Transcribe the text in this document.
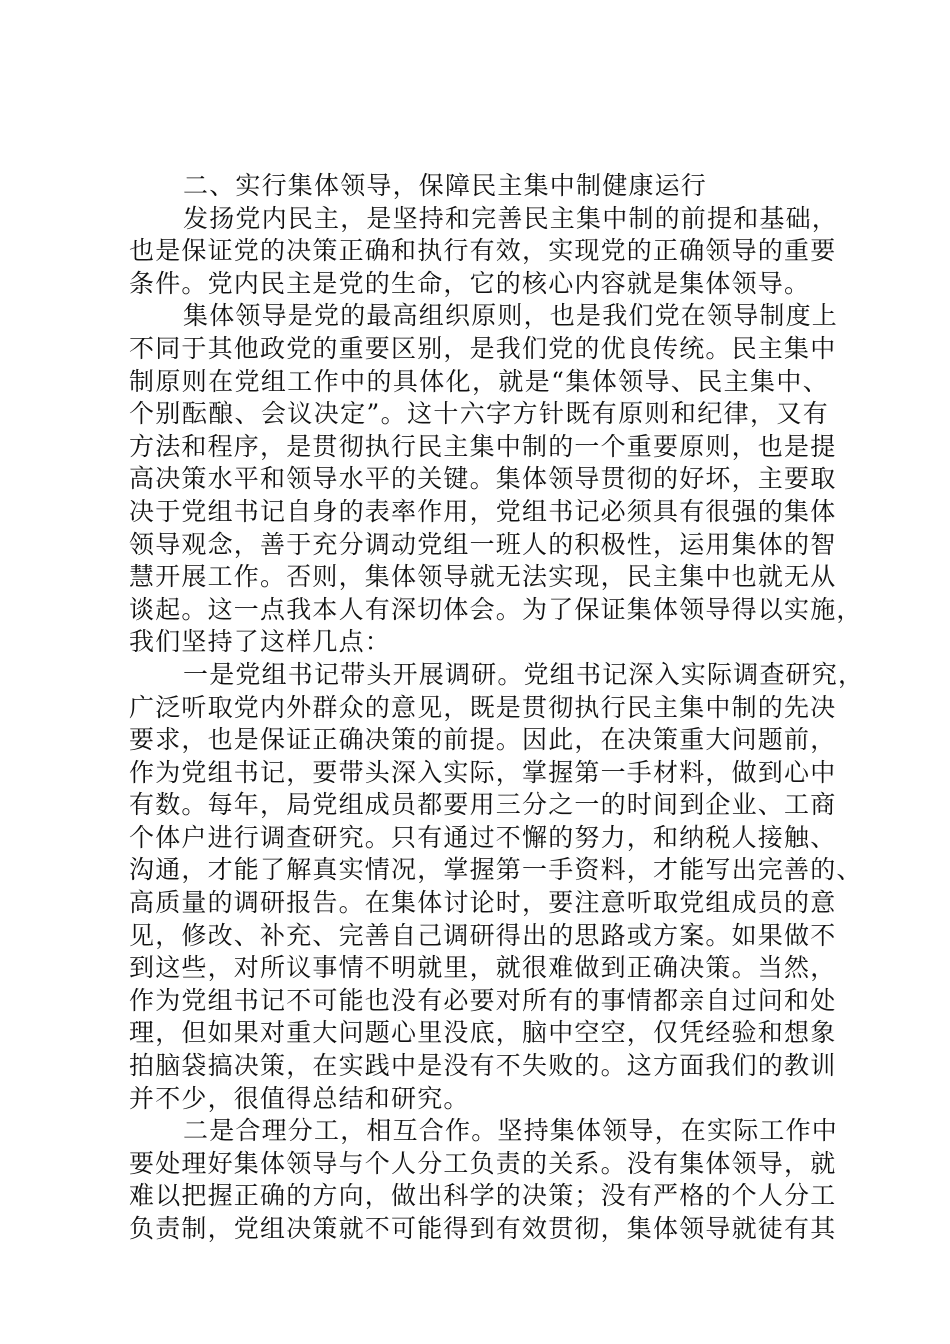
二、实行集体领导，保障民主集中制健康运行
发扬党内民主，是坚持和完善民主集中制的前提和基础，
也是保证党的决策正确和执行有效，实现党的正确领导的重要
条件。党内民主是党的生命，它的核心内容就是集体领导。
集体领导是党的最高组织原则，也是我们党在领导制度上
不同于其他政党的重要区别，是我们党的优良传统。民主集中
制原则在党组工作中的具体化，就是“集体领导、民主集中、
个别酝酿、会议决定”。这十六字方针既有原则和纪律，又有
方法和程序，是贯彻执行民主集中制的一个重要原则，也是提
高决策水平和领导水平的关键。集体领导贯彻的好坏，主要取
决于党组书记自身的表率作用，党组书记必须具有很强的集体
领导观念，善于充分调动党组一班人的积极性，运用集体的智
慧开展工作。否则，集体领导就无法实现，民主集中也就无从
谈起。这一点我本人有深切体会。为了保证集体领导得以实施，
我们坚持了这样几点：
一是党组书记带头开展调研。党组书记深入实际调查研究，
广泛听取党内外群众的意见，既是贯彻执行民主集中制的先决
要求，也是保证正确决策的前提。因此，在决策重大问题前，
作为党组书记，要带头深入实际，掌握第一手材料，做到心中
有数。每年，局党组成员都要用三分之一的时间到企业、工商
个体户进行调查研究。只有通过不懈的努力，和纳税人接触、
沟通，才能了解真实情况，掌握第一手资料，才能写出完善的、
高质量的调研报告。在集体讨论时，要注意听取党组成员的意
见，修改、补充、完善自己调研得出的思路或方案。如果做不
到这些，对所议事情不明就里，就很难做到正确决策。当然，
作为党组书记不可能也没有必要对所有的事情都亲自过问和处
理，但如果对重大问题心里没底，脑中空空，仅凭经验和想象
拍脑袋搞决策，在实践中是没有不失败的。这方面我们的教训
并不少，很值得总结和研究。
二是合理分工，相互合作。坚持集体领导，在实际工作中
要处理好集体领导与个人分工负责的关系。没有集体领导，就
难以把握正确的方向，做出科学的决策；没有严格的个人分工
负责制，党组决策就不可能得到有效贯彻，集体领导就徒有其
